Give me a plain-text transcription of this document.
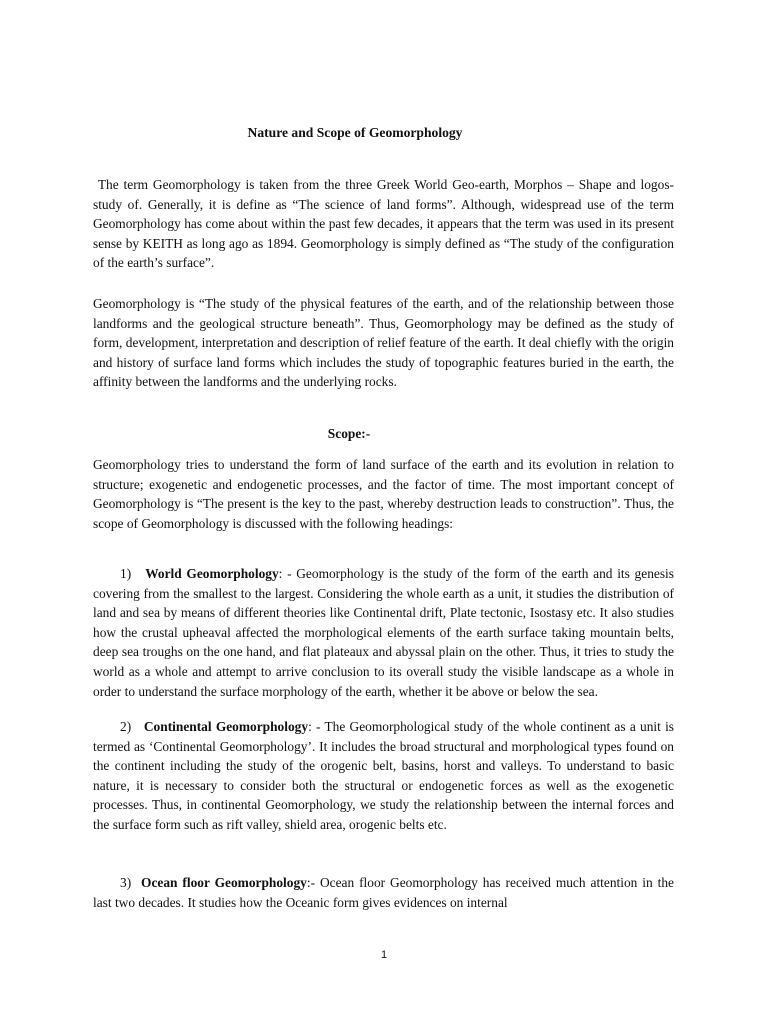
Nature and Scope of Geomorphology

The term Geomorphology is taken from the three Greek World Geo-earth, Morphos – Shape and logos-study of. Generally, it is define as “The science of land forms”. Although, widespread use of the term Geomorphology has come about within the past few decades, it appears that the term was used in its present sense by KEITH as long ago as 1894. Geomorphology is simply defined as “The study of the configuration of the earth’s surface”.

Geomorphology is “The study of the physical features of the earth, and of the relationship between those landforms and the geological structure beneath”. Thus, Geomorphology may be defined as the study of form, development, interpretation and description of relief feature of the earth. It deal chiefly with the origin and history of surface land forms which includes the study of topographic features buried in the earth, the affinity between the landforms and the underlying rocks.

Scope:-

Geomorphology tries to understand the form of land surface of the earth and its evolution in relation to structure; exogenetic and endogenetic processes, and the factor of time. The most important concept of Geomorphology is “The present is the key to the past, whereby destruction leads to construction”. Thus, the scope of Geomorphology is discussed with the following headings:

1) World Geomorphology: - Geomorphology is the study of the form of the earth and its genesis covering from the smallest to the largest. Considering the whole earth as a unit, it studies the distribution of land and sea by means of different theories like Continental drift, Plate tectonic, Isostasy etc. It also studies how the crustal upheaval affected the morphological elements of the earth surface taking mountain belts, deep sea troughs on the one hand, and flat plateaux and abyssal plain on the other. Thus, it tries to study the world as a whole and attempt to arrive conclusion to its overall study the visible landscape as a whole in order to understand the surface morphology of the earth, whether it be above or below the sea.

2) Continental Geomorphology: - The Geomorphological study of the whole continent as a unit is termed as ‘Continental Geomorphology’. It includes the broad structural and morphological types found on the continent including the study of the orogenic belt, basins, horst and valleys. To understand to basic nature, it is necessary to consider both the structural or endogenetic forces as well as the exogenetic processes. Thus, in continental Geomorphology, we study the relationship between the internal forces and the surface form such as rift valley, shield area, orogenic belts etc.

3) Ocean floor Geomorphology:- Ocean floor Geomorphology has received much attention in the last two decades. It studies how the Oceanic form gives evidences on internal

1
